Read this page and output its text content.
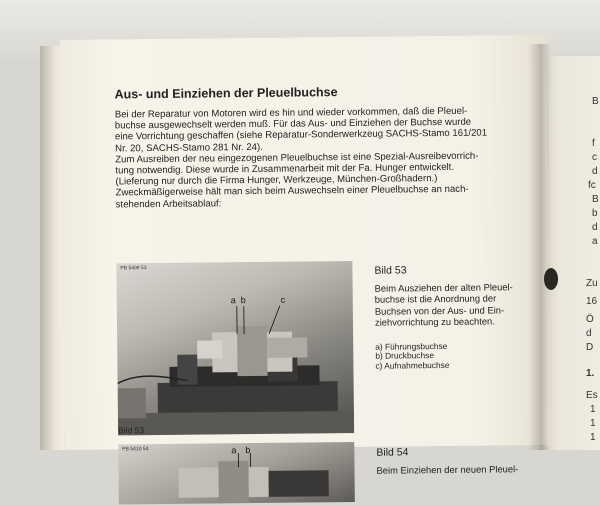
B
f
c
d
fc
B
b
d
a
Zu
16
Ö
d
D
1.
Es
1
1
1
Aus- und Einziehen der Pleuelbuchse
Bei der Reparatur von Motoren wird es hin und wieder vorkommen, daß die Pleuel-
buchse ausgewechselt werden muß. Für das Aus- und Einziehen der Buchse wurde
eine Vorrichtung geschaffen (siehe Reparatur-Sonderwerkzeug SACHS-Stamo 161/201
Nr. 20, SACHS-Stamo 281 Nr. 24).
Zum Ausreiben der neu eingezogenen Pleuelbuchse ist eine Spezial-Ausreibevorrich-
tung notwendig. Diese wurde in Zusammenarbeit mit der Fa. Hunger entwickelt.
(Lieferung nur durch die Firma Hunger, Werkzeuge, München-Großhadern.)
Zweckmäßigerweise hält man sich beim Auswechseln einer Pleuelbuchse an nach-
stehenden Arbeitsablauf:
PB 5409 53
a b	c
Bild 53
Bild 53
Beim Ausziehen der alten Pleuel-
buchse ist die Anordnung der
Buchsen von der Aus- und Ein-
ziehvorrichtung zu beachten.
a) Führungsbuchse
b) Druckbuchse
c) Aufnahmebuchse
PB 5410 54	a b	Bild 54
Beim Einziehen der neuen Pleuel-
